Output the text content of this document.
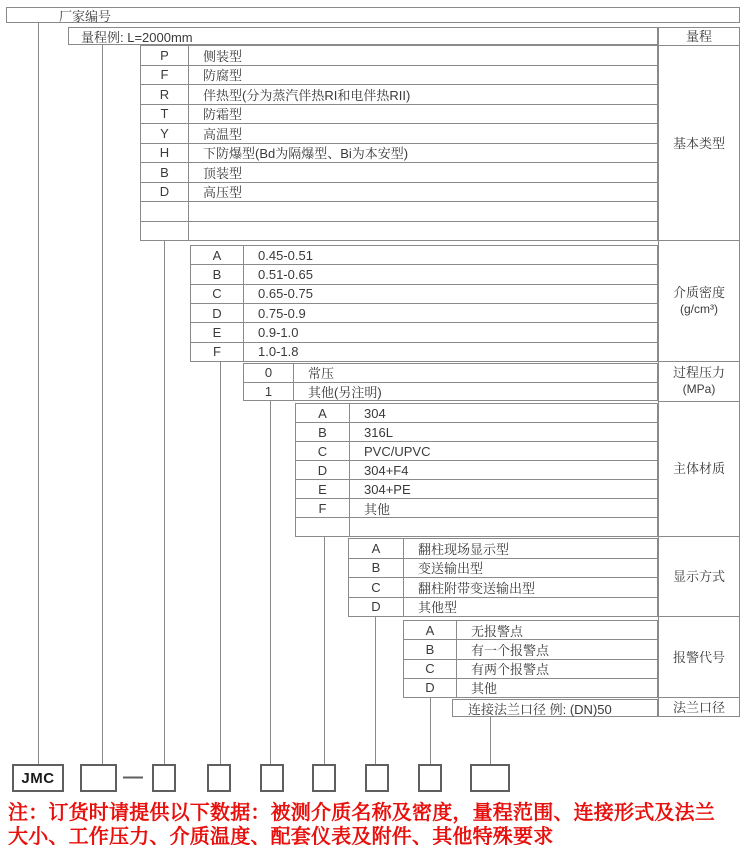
厂家编号
量程例: L=2000mm
连接法兰口径 例: (DN)50
量程
基本类型
介质密度
(g/cm³)
过程压力
(MPa)
主体材质
显示方式
报警代号
法兰口径
P	侧装型
F	防腐型
R	伴热型(分为蒸汽伴热RI和电伴热RII)
T	防霜型
Y	高温型
H	下防爆型(Bd为隔爆型、Bi为本安型)
B	顶装型
D	高压型
A	0.45-0.51
B	0.51-0.65
C	0.65-0.75
D	0.75-0.9
E	0.9-1.0
F	1.0-1.8
0	常压
1	其他(另注明)
A	304
B	316L
C	PVC/UPVC
D	304+F4
E	304+PE
F	其他
A	翻柱现场显示型
B	变送输出型
C	翻柱附带变送输出型
D	其他型
A	无报警点
B	有一个报警点
C	有两个报警点
D	其他
JMC	—
注：订货时请提供以下数据：被测介质名称及密度，量程范围、连接形式及法兰
大小、工作压力、介质温度、配套仪表及附件、其他特殊要求
